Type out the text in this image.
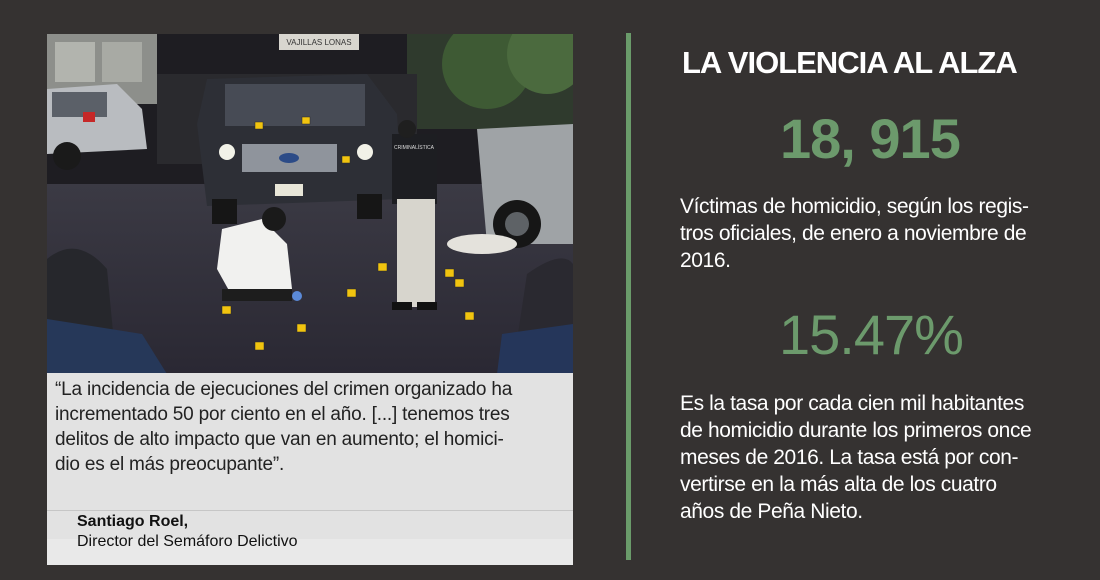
VAJILLAS LONAS
CRIMINALÍSTICA

“La incidencia de ejecuciones del crimen organizado ha
incrementado 50 por ciento en el año. [...] tenemos tres
delitos de alto impacto que van en aumento; el homici-
dio es el más preocupante”.

Santiago Roel,
Director del Semáforo Delictivo
LA VIOLENCIA AL ALZA
18, 915

Víctimas de homicidio, según los regis-
tros oficiales, de enero a noviembre de
2016.

15.47%

Es la tasa por cada cien mil habitantes
de homicidio durante los primeros once
meses de 2016. La tasa está por con-
vertirse en la más alta de los cuatro
años de Peña Nieto.
